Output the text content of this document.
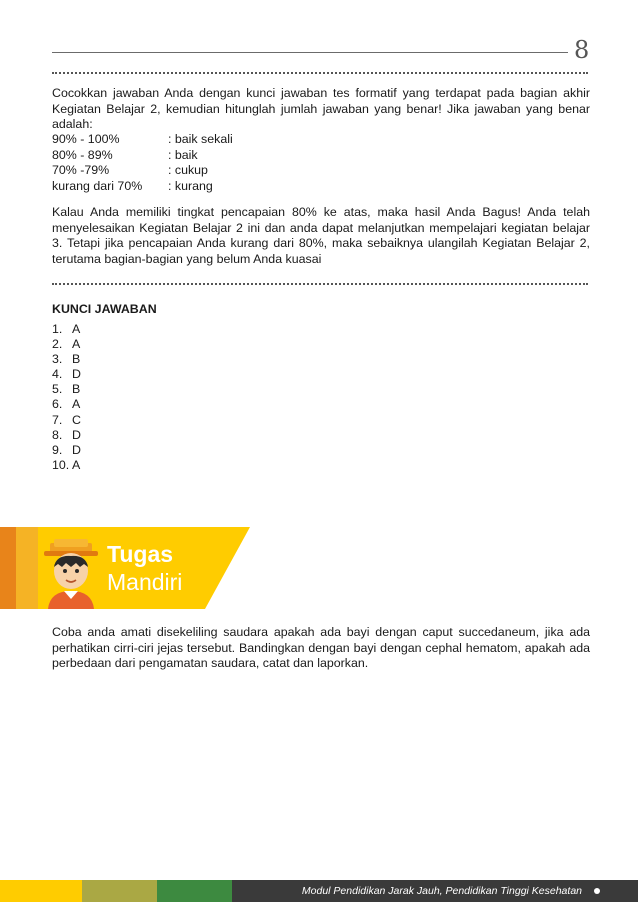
8

Cocokkan jawaban Anda dengan kunci jawaban tes formatif yang terdapat pada bagian akhir Kegiatan Belajar 2, kemudian hitunglah jumlah jawaban yang benar! Jika jawaban yang benar adalah:

90% - 100%	: baik sekali
80% - 89%	: baik
70% -79%	: cukup
kurang dari 70%	: kurang

Kalau Anda memiliki tingkat pencapaian 80% ke atas, maka hasil Anda Bagus! Anda telah menyelesaikan Kegiatan Belajar 2 ini dan anda dapat melanjutkan mempelajari kegiatan belajar 3. Tetapi jika pencapaian Anda kurang dari 80%, maka sebaiknya ulangilah Kegiatan Belajar 2, terutama bagian-bagian yang belum Anda kuasai

KUNCI JAWABAN
1. A
2. A
3. B
4. D
5. B
6. A
7. C
8. D
9. D
10. A
Tugas
Mandiri

Coba anda amati disekeliling saudara apakah ada bayi dengan caput succedaneum, jika ada perhatikan cirri-ciri jejas tersebut. Bandingkan dengan bayi dengan cephal hematom, apakah ada perbedaan dari pengamatan saudara, catat dan laporkan.

Modul Pendidikan Jarak Jauh, Pendidikan Tinggi Kesehatan
